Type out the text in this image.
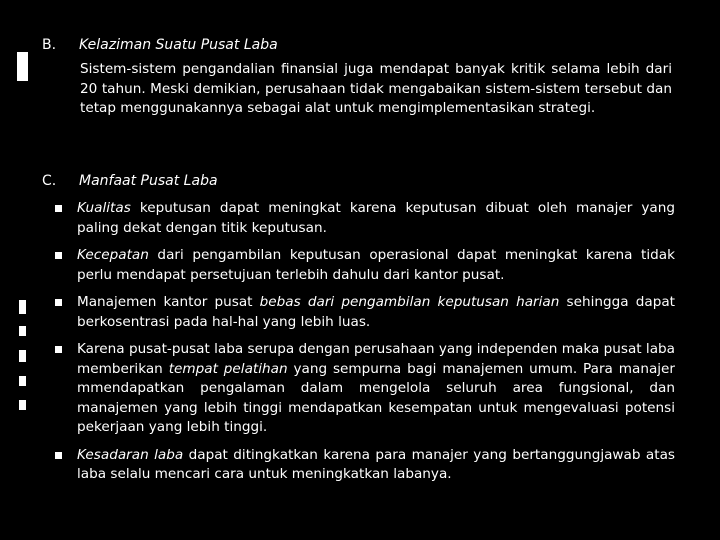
B. Kelaziman Suatu Pusat Laba

Sistem-sistem pengandalian finansial juga mendapat banyak kritik selama lebih dari 20 tahun. Meski demikian, perusahaan tidak mengabaikan sistem-sistem tersebut dan tetap menggunakannya sebagai alat untuk mengimplementasikan strategi.

C. Manfaat Pusat Laba
Kualitas keputusan dapat meningkat karena keputusan dibuat oleh manajer yang paling dekat dengan titik keputusan.
Kecepatan dari pengambilan keputusan operasional dapat meningkat karena tidak perlu mendapat persetujuan terlebih dahulu dari kantor pusat.
Manajemen kantor pusat bebas dari pengambilan keputusan harian sehingga dapat berkosentrasi pada hal-hal yang lebih luas.
Karena pusat-pusat laba serupa dengan perusahaan yang independen maka pusat laba memberikan tempat pelatihan yang sempurna bagi manajemen umum. Para manajer mmendapatkan pengalaman dalam mengelola seluruh area fungsional, dan manajemen yang lebih tinggi mendapatkan kesempatan untuk mengevaluasi potensi pekerjaan yang lebih tinggi.
Kesadaran laba dapat ditingkatkan karena para manajer yang bertanggungjawab atas laba selalu mencari cara untuk meningkatkan labanya.
